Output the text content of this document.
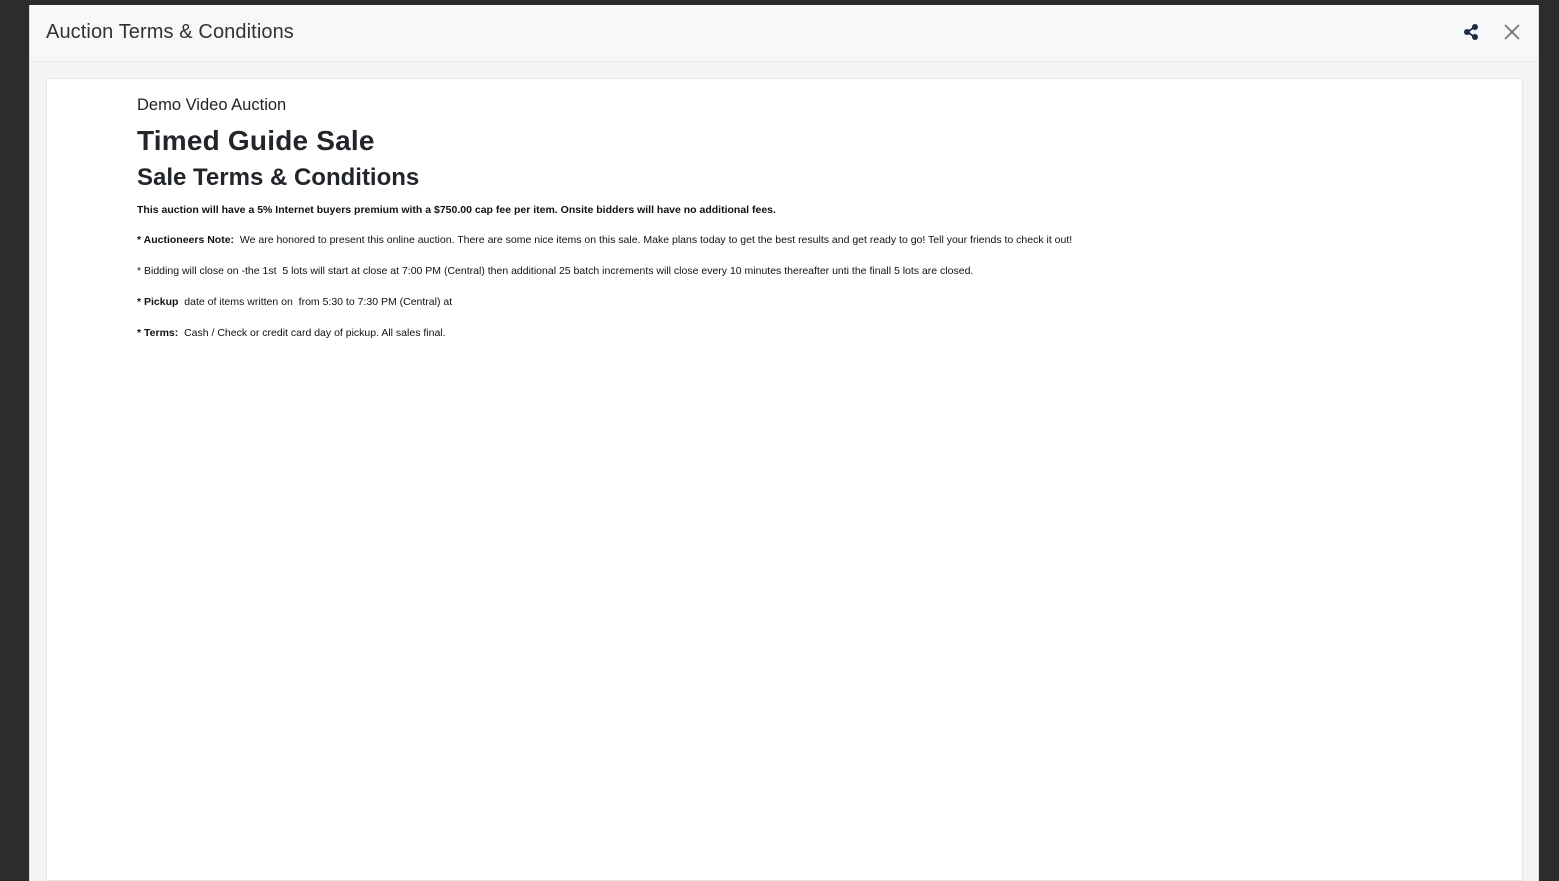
Auction Terms & Conditions

Demo Video Auction

Timed Guide Sale
Sale Terms & Conditions

This auction will have a 5% Internet buyers premium with a $750.00 cap fee per item. Onsite bidders will have no additional fees.

* Auctioneers Note:  We are honored to present this online auction. There are some nice items on this sale. Make plans today to get the best results and get ready to go! Tell your friends to check it out!

* Bidding will close on -the 1st  5 lots will start at close at 7:00 PM (Central) then additional 25 batch increments will close every 10 minutes thereafter unti the finall 5 lots are closed.

* Pickup  date of items written on  from 5:30 to 7:30 PM (Central) at

* Terms:  Cash / Check or credit card day of pickup. All sales final.
